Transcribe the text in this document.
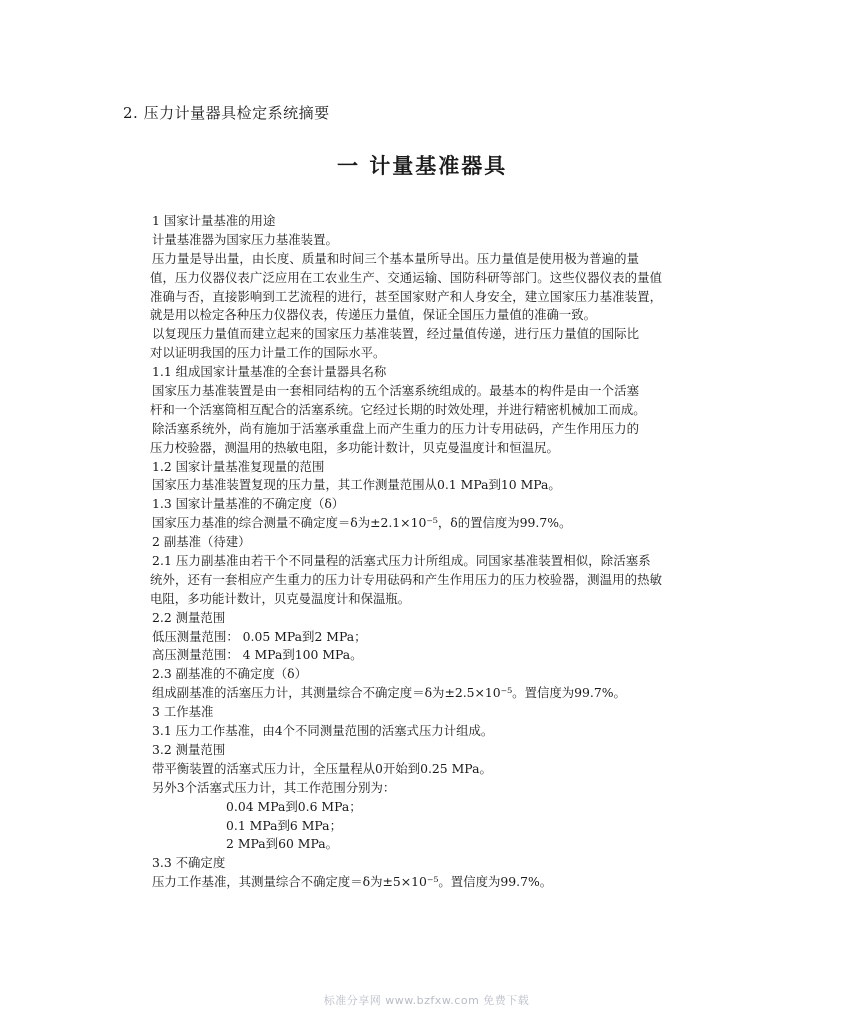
2. 压力计量器具检定系统摘要
一 计量基准器具
1 国家计量基准的用途
计量基准器为国家压力基准装置。
压力量是导出量，由长度、质量和时间三个基本量所导出。压力量值是使用极为普遍的量
值，压力仪器仪表广泛应用在工农业生产、交通运输、国防科研等部门。这些仪器仪表的量值
准确与否，直接影响到工艺流程的进行，甚至国家财产和人身安全，建立国家压力基准装置，
就是用以检定各种压力仪器仪表，传递压力量值，保证全国压力量值的准确一致。
以复现压力量值而建立起来的国家压力基准装置，经过量值传递，进行压力量值的国际比
对以证明我国的压力计量工作的国际水平。
1.1 组成国家计量基准的全套计量器具名称
国家压力基准装置是由一套相同结构的五个活塞系统组成的。最基本的构件是由一个活塞
杆和一个活塞筒相互配合的活塞系统。它经过长期的时效处理，并进行精密机械加工而成。
除活塞系统外，尚有施加于活塞承重盘上而产生重力的压力计专用砝码，产生作用压力的
压力校验器，测温用的热敏电阻，多功能计数计，贝克曼温度计和恒温尻。
1.2 国家计量基准复现量的范围
国家压力基准装置复现的压力量，其工作测量范围从0.1 MPa到10 MPa。
1.3 国家计量基准的不确定度（δ）
国家压力基准的综合测量不确定度＝δ为±2.1×10⁻⁵，δ的置信度为99.7%。
2 副基准（待建）
2.1 压力副基准由若干个不同量程的活塞式压力计所组成。同国家基准装置相似，除活塞系
统外，还有一套相应产生重力的压力计专用砝码和产生作用压力的压力校验器，测温用的热敏
电阻，多功能计数计，贝克曼温度计和保温瓶。
2.2 测量范围
低压测量范围： 0.05 MPa到2 MPa；
高压测量范围： 4 MPa到100 MPa。
2.3 副基准的不确定度（δ）
组成副基准的活塞压力计，其测量综合不确定度＝δ为±2.5×10⁻⁵。置信度为99.7%。
3 工作基准
3.1 压力工作基准，由4个不同测量范围的活塞式压力计组成。
3.2 测量范围
带平衡装置的活塞式压力计，全压量程从0开始到0.25 MPa。
另外3个活塞式压力计，其工作范围分别为：
0.04 MPa到0.6 MPa；
0.1 MPa到6 MPa；
2 MPa到60 MPa。
3.3 不确定度
压力工作基准，其测量综合不确定度＝δ为±5×10⁻⁵。置信度为99.7%。
标准分享网 www.bzfxw.com 免费下载
